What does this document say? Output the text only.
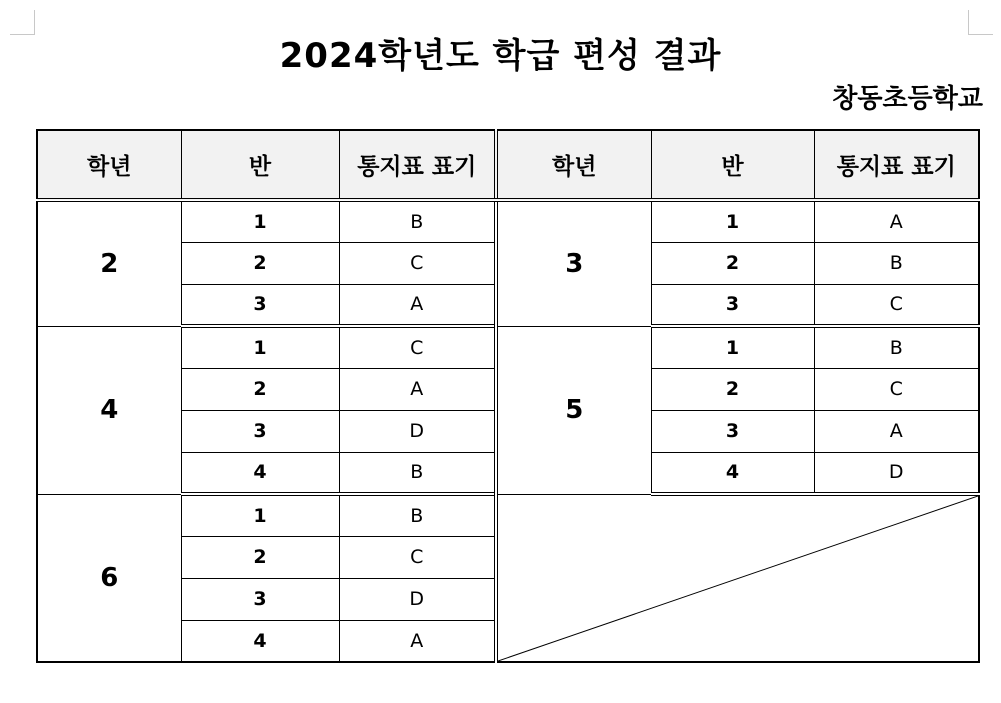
2024학년도 학급 편성 결과
창동초등학교
학년	반	통지표 표기	학년	반	통지표 표기
2	1	B	3	1	A
	2	C		2	B
	3	A		3	C
4	1	C	5	1	B
	2	A		2	C
	3	D		3	A
	4	B		4	D
6	1	B	

	2	C			
	3	D			
	4	A			
